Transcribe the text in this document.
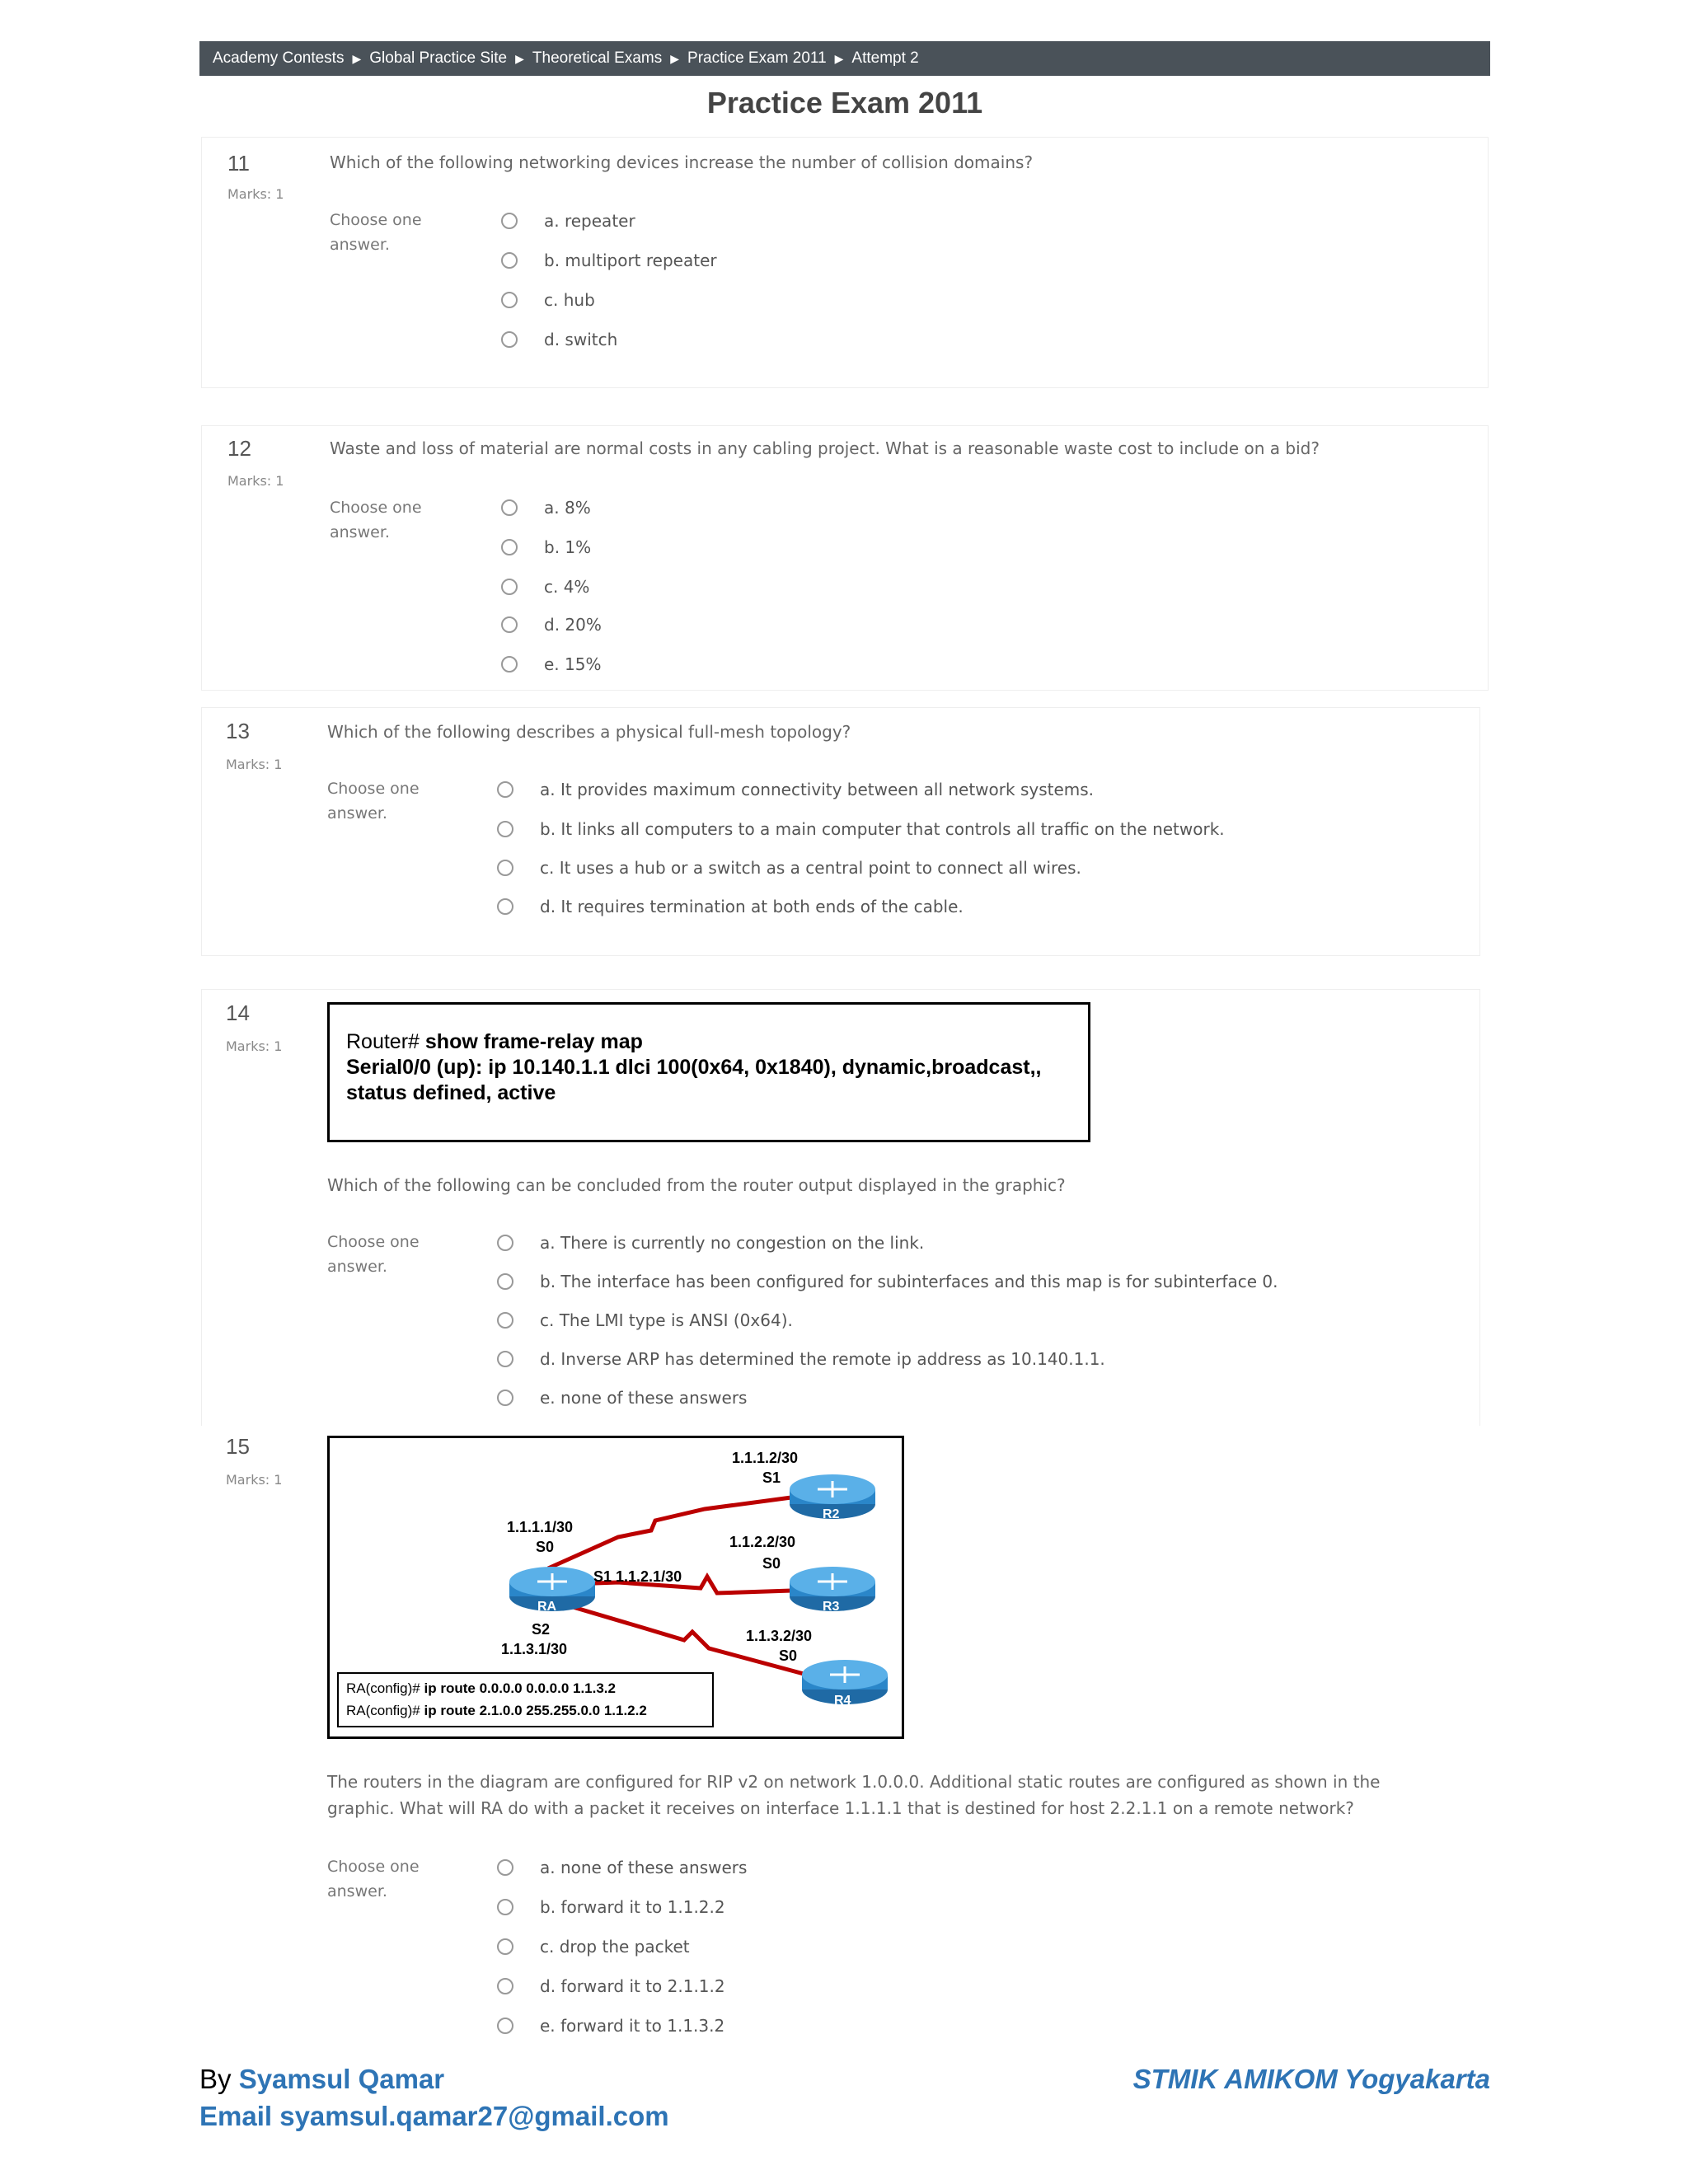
Academy Contests ▶ Global Practice Site ▶ Theoretical Exams ▶ Practice Exam 2011 ▶ Attempt 2
Practice Exam 2011
11
Marks: 1
Which of the following networking devices increase the number of collision domains?
Choose one answer.
a. repeater
b. multiport repeater
c. hub
d. switch
12
Marks: 1
Waste and loss of material are normal costs in any cabling project. What is a reasonable waste cost to include on a bid?
Choose one answer.
a. 8%
b. 1%
c. 4%
d. 20%
e. 15%
13
Marks: 1
Which of the following describes a physical full-mesh topology?
Choose one answer.
a. It provides maximum connectivity between all network systems.
b. It links all computers to a main computer that controls all traffic on the network.
c. It uses a hub or a switch as a central point to connect all wires.
d. It requires termination at both ends of the cable.
14
Marks: 1	Router# show frame-relay map
Serial0/0 (up): ip 10.140.1.1 dlci 100(0x64, 0x1840), dynamic,broadcast,,
status defined, active
Which of the following can be concluded from the router output displayed in the graphic?
Choose one answer.
a. There is currently no congestion on the link.
b. The interface has been configured for subinterfaces and this map is for subinterface 0.
c. The LMI type is ANSI (0x64).
d. Inverse ARP has determined the remote ip address as 10.140.1.1.
e. none of these answers
15
Marks: 1
1.1.1.2/30
S1
R2
1.1.1.1/30
S0	1.1.2.2/30
S0
S1 1.1.2.1/30
RA	R3
S2
1.1.3.1/30
1.1.3.2/30
S0
R4
RA(config)# ip route 0.0.0.0 0.0.0.0 1.1.3.2
RA(config)# ip route 2.1.0.0 255.255.0.0 1.1.2.2
The routers in the diagram are configured for RIP v2 on network 1.0.0.0. Additional static routes are configured as shown in the graphic. What will RA do with a packet it receives on interface 1.1.1.1 that is destined for host 2.2.1.1 on a remote network?
Choose one answer.
a. none of these answers
b. forward it to 1.1.2.2
c. drop the packet
d. forward it to 2.1.1.2
e. forward it to 1.1.3.2
By Syamsul Qamar
Email syamsul.qamar27@gmail.com
STMIK AMIKOM Yogyakarta
